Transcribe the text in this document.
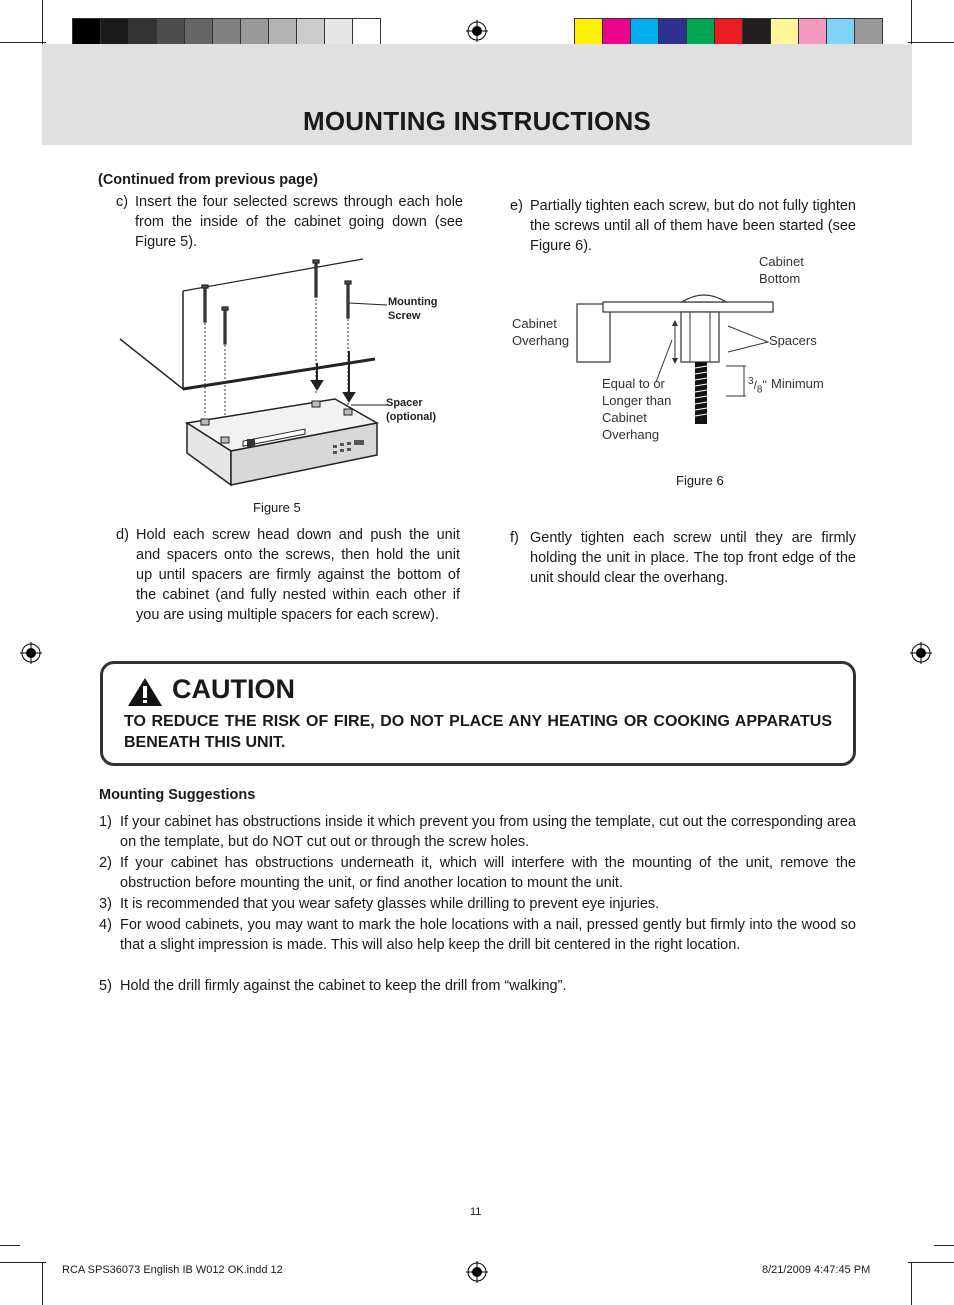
MOUNTING INSTRUCTIONS
(Continued from previous page)
c) Insert the four selected screws through each hole from the inside of the cabinet going down (see Figure 5).
Mounting
Screw
Spacer
(optional)
Figure 5
d) Hold each screw head down and push the unit and spacers onto the screws, then hold the unit up until spacers are firmly against the bottom of the cabinet (and fully nested within each other if you are using multiple spacers for each screw).
e) Partially tighten each screw, but do not fully tighten the screws until all of them have been started (see Figure 6).
Cabinet
Bottom
Cabinet
Overhang	Spacers
Equal to or
Longer than
Cabinet
Overhang
$^3/_8$" Minimum
Figure 6
f) Gently tighten each screw until they are firmly holding the unit in place. The top front edge of the unit should clear the overhang.
CAUTION
TO REDUCE THE RISK OF FIRE, DO NOT PLACE ANY HEATING OR COOKING APPARATUS BENEATH THIS UNIT.
Mounting Suggestions
1) If your cabinet has obstructions inside it which prevent you from using the template, cut out the corresponding area on the template, but do NOT cut out or through the screw holes.
2) If your cabinet has obstructions underneath it, which will interfere with the mounting of the unit, remove the obstruction before mounting the unit, or find another location to mount the unit.
3) It is recommended that you wear safety glasses while drilling to prevent eye injuries.
4) For wood cabinets, you may want to mark the hole locations with a nail, pressed gently but firmly into the wood so that a slight impression is made. This will also help keep the drill bit centered in the right location.
5) Hold the drill firmly against the cabinet to keep the drill from “walking”.
11
RCA SPS36073 English IB W012 OK.indd 12	8/21/2009 4:47:45 PM
